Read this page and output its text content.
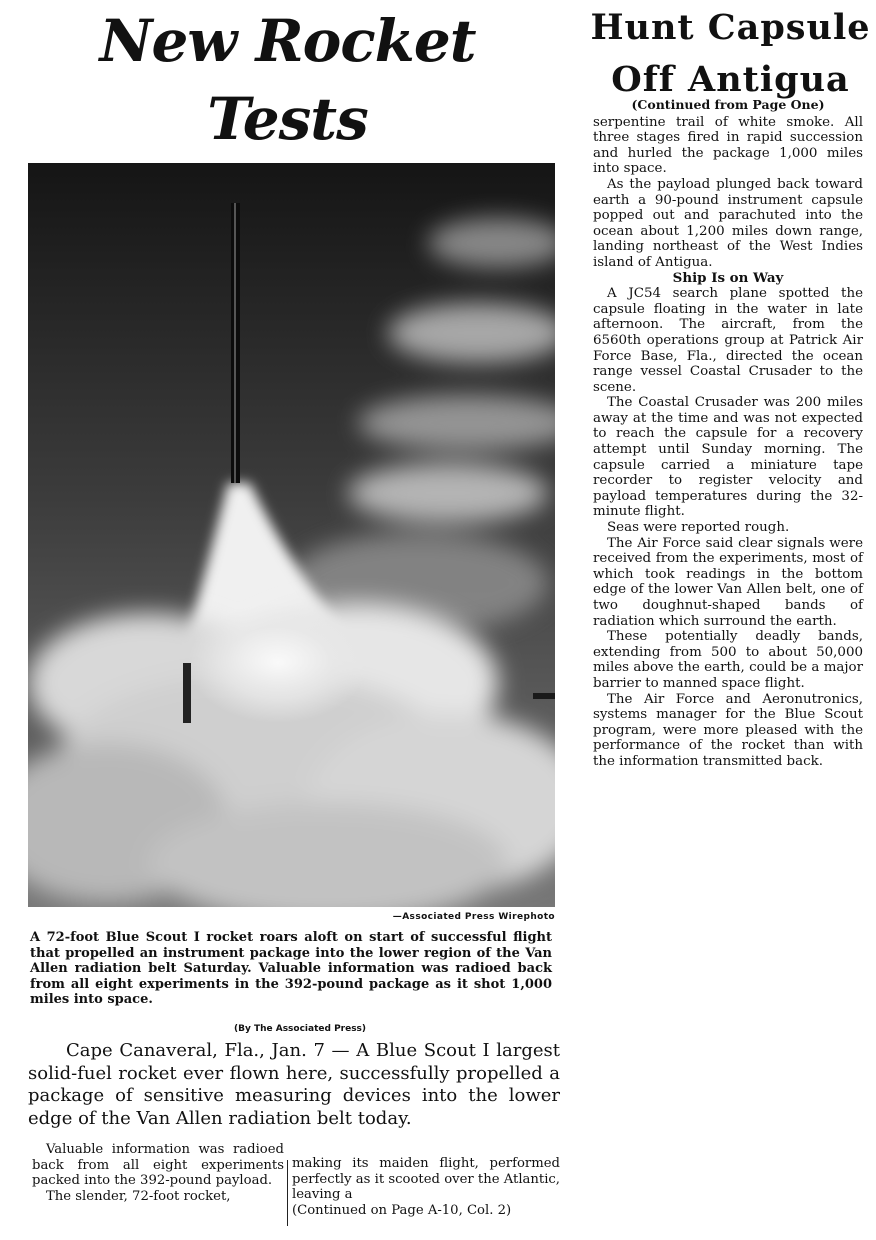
New Rocket Tests
Hunt Capsule
Off Antigua
—Associated Press Wirephoto
A 72-foot Blue Scout I rocket roars aloft on start of successful flight that propelled an instrument package into the lower region of the Van Allen radiation belt Saturday. Valuable information was radioed back from all eight experiments in the 392-pound package as it shot 1,000 miles into space.
(By The Associated Press)
Cape Canaveral, Fla., Jan. 7 — A Blue Scout I largest solid-fuel rocket ever flown here, successfully propelled a package of sensitive measuring devices into the lower edge of the Van Allen radiation belt today.

Valuable information was radioed back from all eight experiments packed into the 392-pound payload.

The slender, 72-foot rocket,

making its maiden flight, performed perfectly as it scooted over the Atlantic, leaving a

(Continued on Page A-10, Col. 2)

(Continued from Page One)

serpentine trail of white smoke. All three stages fired in rapid succession and hurled the package 1,000 miles into space.

As the payload plunged back toward earth a 90-pound instrument capsule popped out and parachuted into the ocean about 1,200 miles down range, landing northeast of the West Indies island of Antigua.

Ship Is on Way

A JC54 search plane spotted the capsule floating in the water in late afternoon. The aircraft, from the 6560th operations group at Patrick Air Force Base, Fla., directed the ocean range vessel Coastal Crusader to the scene.

The Coastal Crusader was 200 miles away at the time and was not expected to reach the capsule for a recovery attempt until Sunday morning. The capsule carried a miniature tape recorder to register velocity and payload temperatures during the 32-minute flight.

Seas were reported rough.

The Air Force said clear signals were received from the experiments, most of which took readings in the bottom edge of the lower Van Allen belt, one of two doughnut-shaped bands of radiation which surround the earth.

These potentially deadly bands, extending from 500 to about 50,000 miles above the earth, could be a major barrier to manned space flight.

The Air Force and Aeronutronics, systems manager for the Blue Scout program, were more pleased with the performance of the rocket than with the information transmitted back.
